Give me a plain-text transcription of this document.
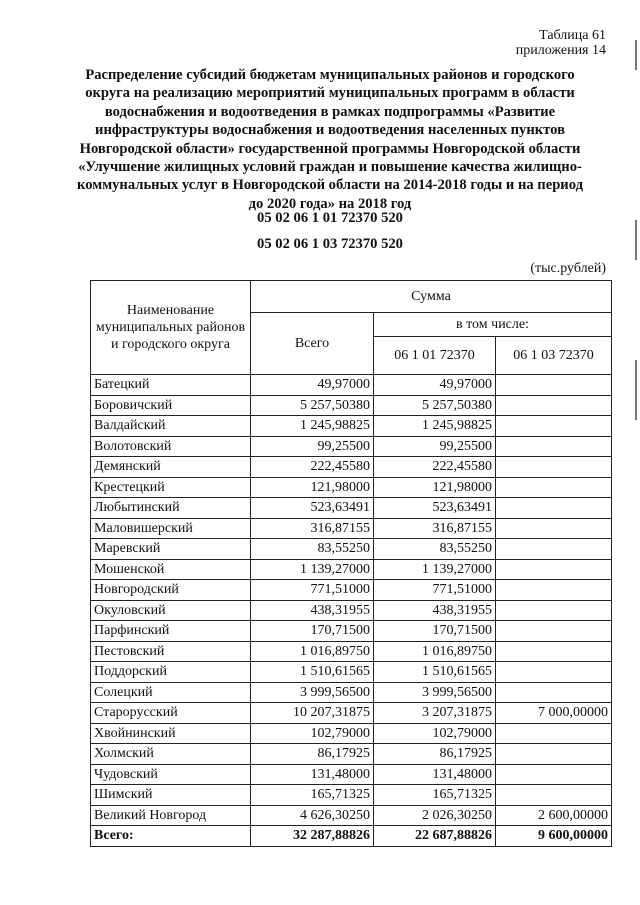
Таблица 61
приложения 14
Распределение субсидий бюджетам муниципальных районов и городского округа на реализацию мероприятий муниципальных программ в области водоснабжения и водоотведения в рамках подпрограммы «Развитие инфраструктуры водоснабжения и водоотведения населенных пунктов Новгородской области» государственной программы Новгородской области «Улучшение жилищных условий граждан и повышение качества жилищно-коммунальных услуг в Новгородской области на 2014-2018 годы и на период до 2020 года» на 2018 год
05 02 06 1 01 72370 520
05 02 06 1 03 72370 520
(тыс.рублей)
Наименование муниципальных районов и городского округа	Сумма		
	Всего	в том числе:	
		06 1 01 72370	06 1 03 72370
Батецкий	49,97000	49,97000	
Боровичский	5 257,50380	5 257,50380	
Валдайский	1 245,98825	1 245,98825	
Волотовский	99,25500	99,25500	
Демянский	222,45580	222,45580	
Крестецкий	121,98000	121,98000	
Любытинский	523,63491	523,63491	
Маловишерский	316,87155	316,87155	
Маревский	83,55250	83,55250	
Мошенской	1 139,27000	1 139,27000	
Новгородский	771,51000	771,51000	
Окуловский	438,31955	438,31955	
Парфинский	170,71500	170,71500	
Пестовский	1 016,89750	1 016,89750	
Поддорский	1 510,61565	1 510,61565	
Солецкий	3 999,56500	3 999,56500	
Старорусский	10 207,31875	3 207,31875	7 000,00000
Хвойнинский	102,79000	102,79000	
Холмский	86,17925	86,17925	
Чудовский	131,48000	131,48000	
Шимский	165,71325	165,71325	
Великий Новгород	4 626,30250	2 026,30250	2 600,00000
Всего:	32 287,88826	22 687,88826	9 600,00000
